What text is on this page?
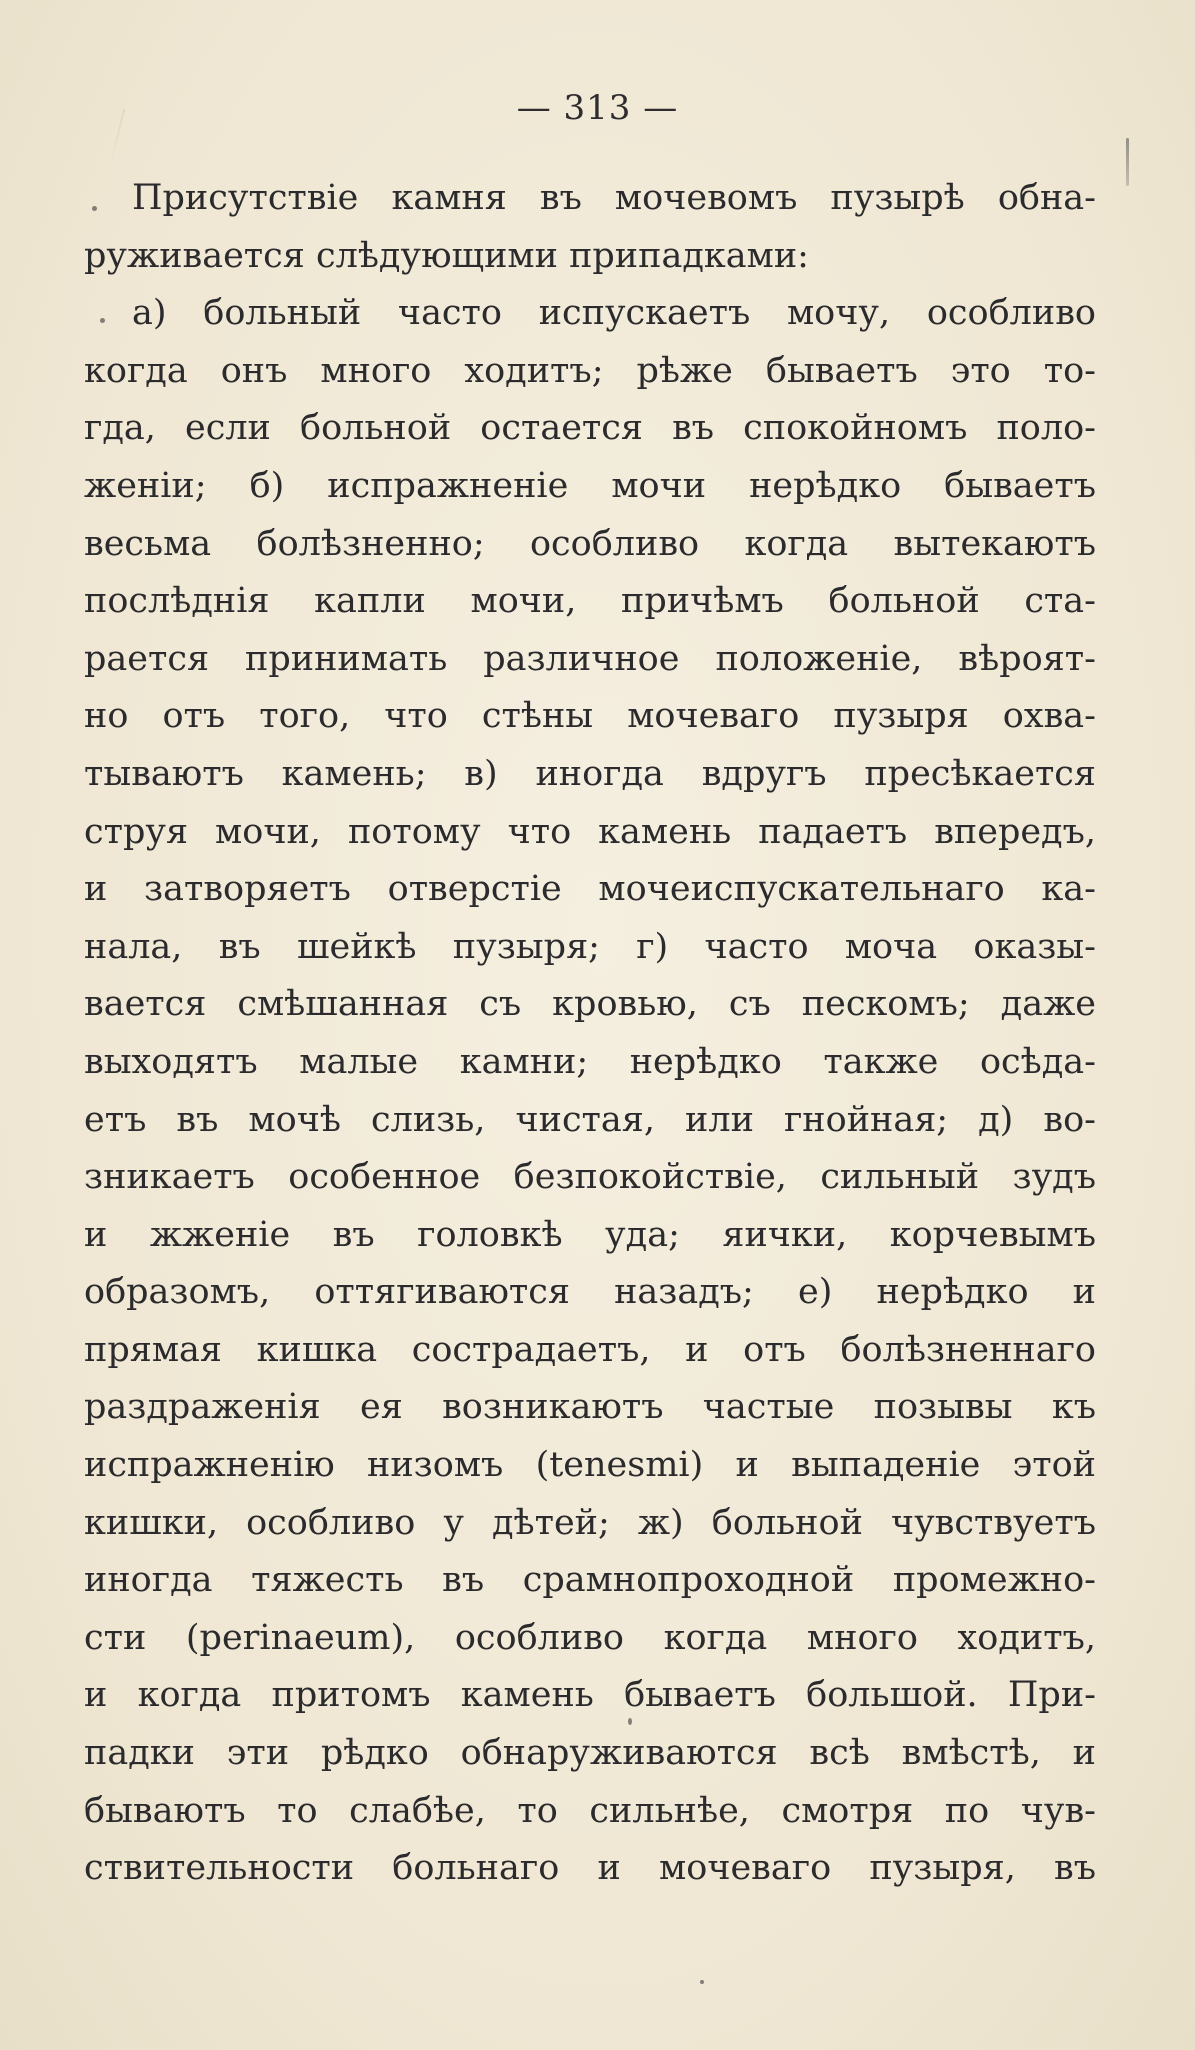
— 313 —
Присутствіе камня въ мочевомъ пузырѣ обна-
руживается слѣдующими припадками:
а) больный часто испускаетъ мочу, особливо
когда онъ много ходитъ; рѣже бываетъ это то-
гда, если больной остается въ спокойномъ поло-
женіи; б) испражненіе мочи нерѣдко бываетъ
весьма болѣзненно; особливо когда вытекаютъ
послѣднія капли мочи, причѣмъ больной ста-
рается принимать различное положеніе, вѣроят-
но отъ того, что стѣны мочеваго пузыря охва-
тываютъ камень; в) иногда вдругъ пресѣкается
струя мочи, потому что камень падаетъ впередъ,
и затворяетъ отверстіе мочеиспускательнаго ка-
нала, въ шейкѣ пузыря; г) часто моча оказы-
вается смѣшанная съ кровью, съ пескомъ; даже
выходятъ малые камни; нерѣдко также осѣда-
етъ въ мочѣ слизь, чистая, или гнойная; д) во-
зникаетъ особенное безпокойствіе, сильный зудъ
и жженіе въ головкѣ уда; яички, корчевымъ
образомъ, оттягиваются назадъ; е) нерѣдко и
прямая кишка сострадаетъ, и отъ болѣзненнаго
раздраженія ея возникаютъ частые позывы къ
испражненію низомъ (tenesmi) и выпаденіе этой
кишки, особливо у дѣтей; ж) больной чувствуетъ
иногда тяжесть въ срамнопроходной промежно-
сти (perinaeum), особливо когда много ходитъ,
и когда притомъ камень бываетъ большой. При-
падки эти рѣдко обнаруживаются всѣ вмѣстѣ, и
бываютъ то слабѣе, то сильнѣе, смотря по чув-
ствительности больнаго и мочеваго пузыря, въ
